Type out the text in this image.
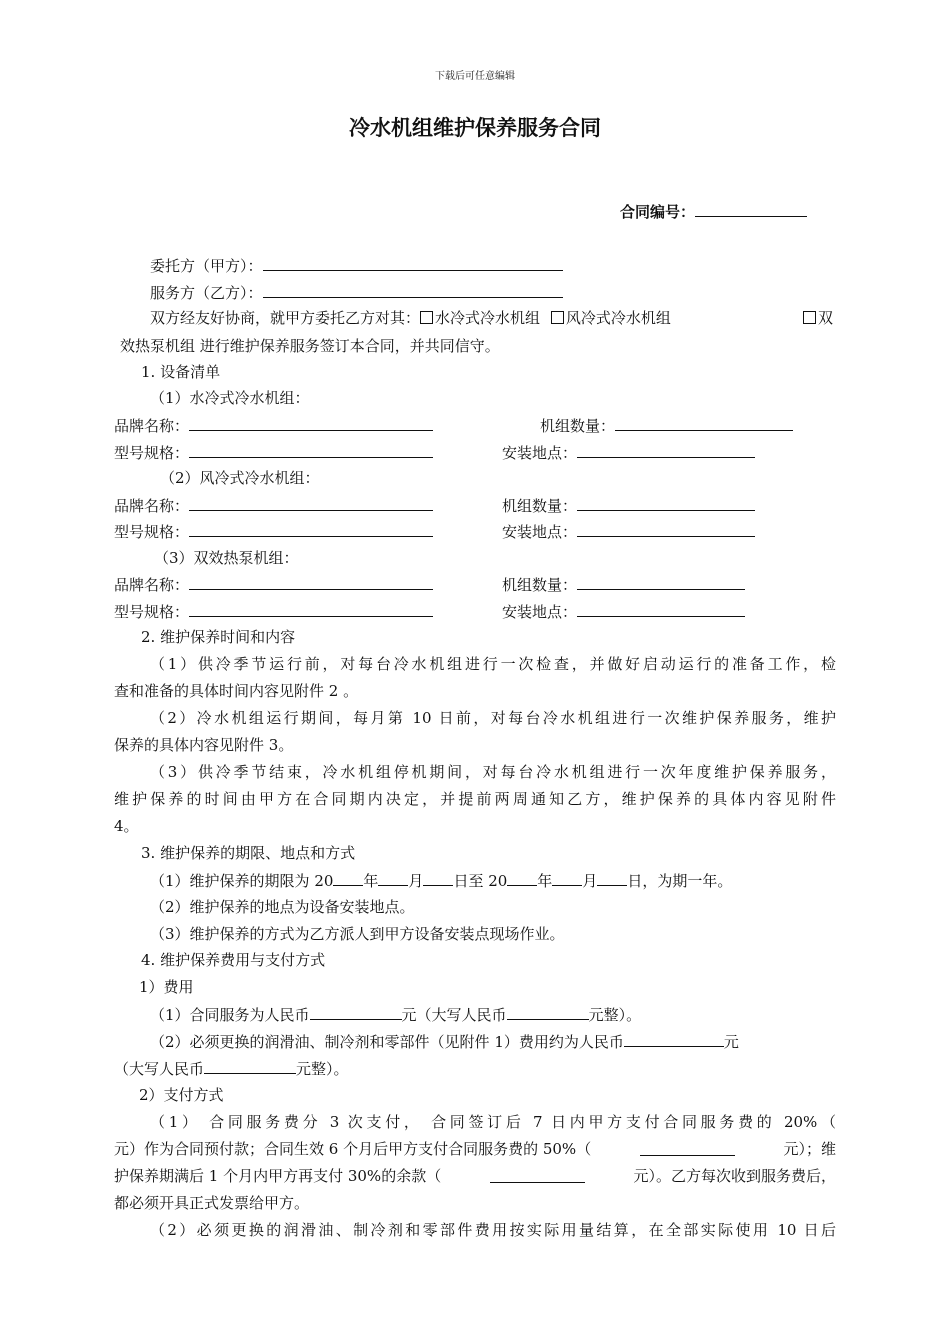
下载后可任意编辑
冷水机组维护保养服务合同
合同编号：
委托方（甲方）：
服务方（乙方）：
双方经友好协商，就甲方委托乙方对其： 水冷式冷水机组 风冷式冷水机组	双
效热泵机组 进行维护保养服务签订本合同，并共同信守。
1. 设备清单
（1）水冷式冷水机组：
品牌名称：	机组数量：
型号规格：	安装地点：
（2）风冷式冷水机组：
品牌名称：	机组数量：
型号规格：	安装地点：
（3）双效热泵机组：
品牌名称：	机组数量：
型号规格：	安装地点：
2. 维护保养时间和内容
（1）供冷季节运行前，对每台冷水机组进行一次检查，并做好启动运行的准备工作，检
查和准备的具体时间内容见附件 2 。
（2）冷水机组运行期间，每月第 10 日前，对每台冷水机组进行一次维护保养服务，维护
保养的具体内容见附件 3。
（3）供冷季节结束，冷水机组停机期间，对每台冷水机组进行一次年度维护保养服务，
维护保养的时间由甲方在合同期内决定，并提前两周通知乙方，维护保养的具体内容见附件
4。
3. 维护保养的期限、地点和方式
（1）维护保养的期限为 20 年 月 日至 20 年 月 日，为期一年。
（2）维护保养的地点为设备安装地点。
（3）维护保养的方式为乙方派人到甲方设备安装点现场作业。
4. 维护保养费用与支付方式
1）费用
（1）合同服务为人民币	元（大写人民币	元整）。
（2）必须更换的润滑油、制冷剂和零部件（见附件 1）费用约为人民币	元
（大写人民币	元整）。
2）支付方式
（1） 合同服务费分 3 次支付， 合同签订后 7 日内甲方支付合同服务费的 20%（
元）作为合同预付款；合同生效 6 个月后甲方支付合同服务费的 50%（	元）；维
护保养期满后 1 个月内甲方再支付 30%的余款（	元）。乙方每次收到服务费后，
都必须开具正式发票给甲方。
（2）必须更换的润滑油、制冷剂和零部件费用按实际用量结算，在全部实际使用 10 日后
